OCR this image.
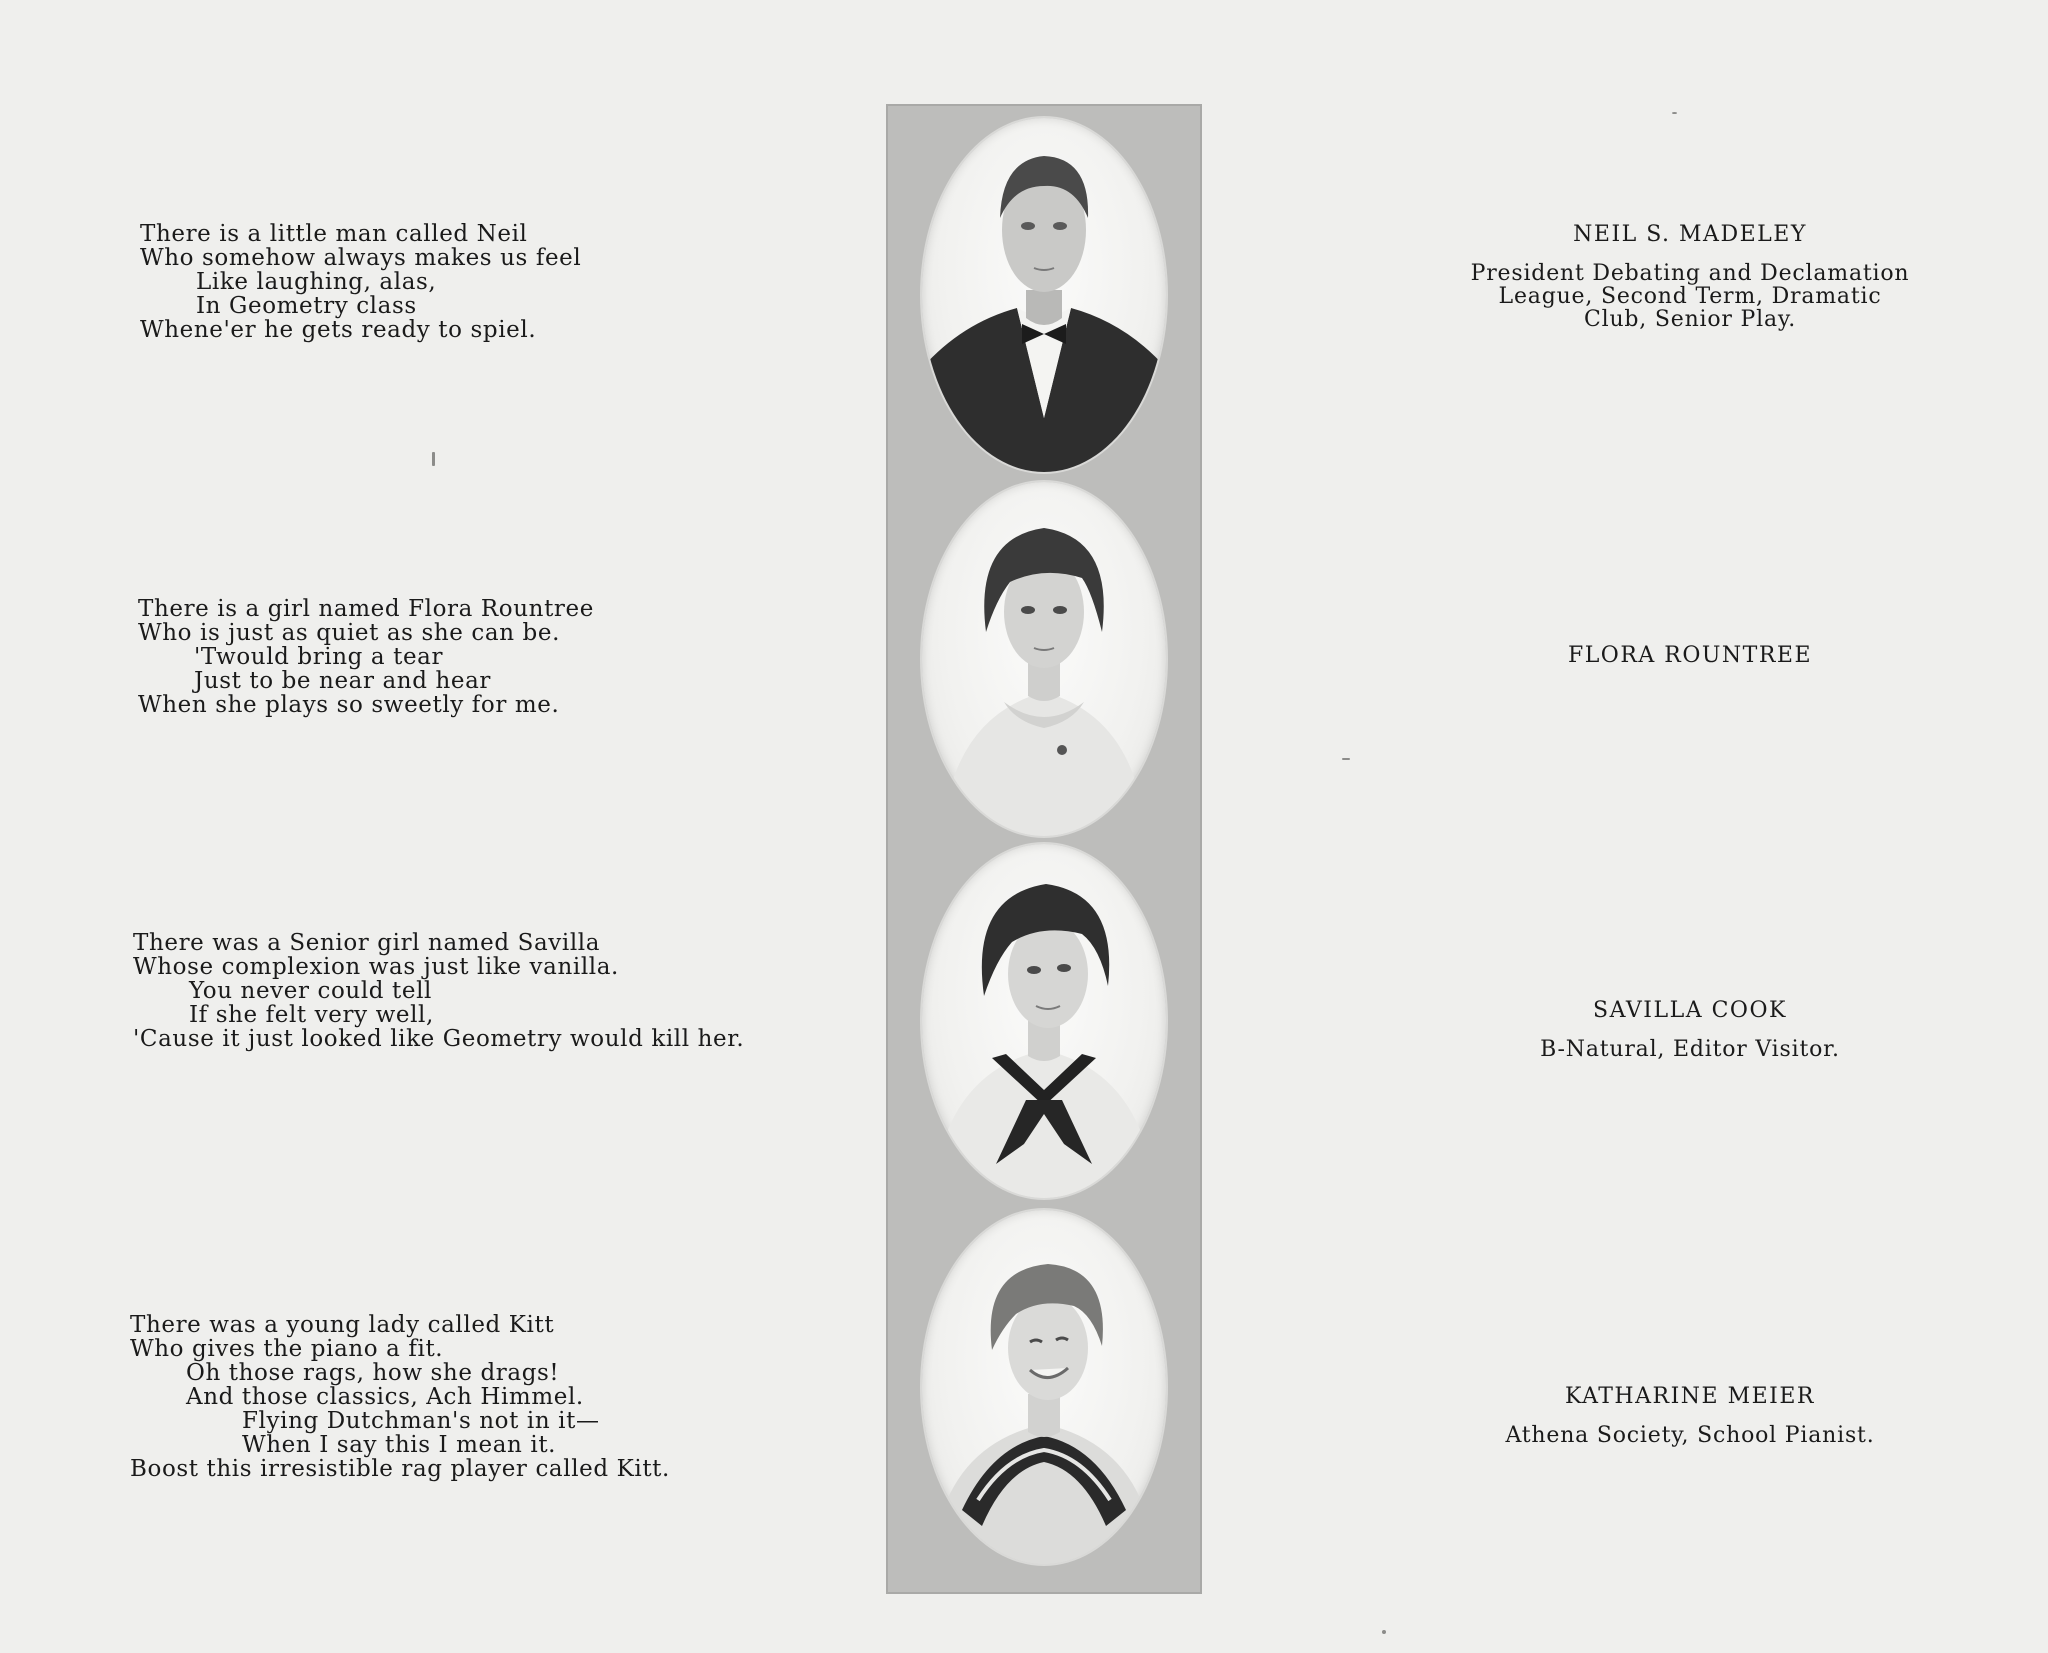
There is a little man called Neil
Who somehow always makes us feel
Like laughing, alas,
In Geometry class
Whene'er he gets ready to spiel.
There is a girl named Flora Rountree
Who is just as quiet as she can be.
'Twould bring a tear
Just to be near and hear
When she plays so sweetly for me.
There was a Senior girl named Savilla
Whose complexion was just like vanilla.
You never could tell
If she felt very well,
'Cause it just looked like Geometry would kill her.
There was a young lady called Kitt
Who gives the piano a fit.
Oh those rags, how she drags!
And those classics, Ach Himmel.
Flying Dutchman's not in it—
When I say this I mean it.
Boost this irresistible rag player called Kitt.

NEIL S. MADELEY

President Debating and Declamation
League, Second Term, Dramatic
Club, Senior Play.

FLORA ROUNTREE

SAVILLA COOK

B-Natural, Editor Visitor.

KATHARINE MEIER

Athena Society, School Pianist.
